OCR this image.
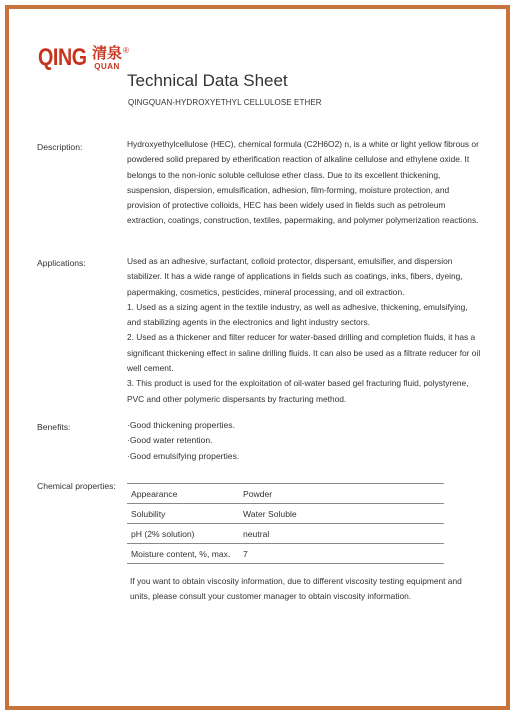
QING 清泉
QUAN
®
Technical Data Sheet
QINGQUAN-HYDROXYETHYL CELLULOSE ETHER
Description:	Hydroxyethylcellulose (HEC), chemical formula (C2H6O2) n, is a white or light yellow fibrous or powdered solid prepared by etherification reaction of alkaline cellulose and ethylene oxide. It belongs to the non-ionic soluble cellulose ether class. Due to its excellent thickening, suspension, dispersion, emulsification, adhesion, film-forming, moisture protection, and provision of protective colloids, HEC has been widely used in fields such as petroleum extraction, coatings, construction, textiles, papermaking, and polymer polymerization reactions.
Applications:	Used as an adhesive, surfactant, colloid protector, dispersant, emulsifier, and dispersion stabilizer. It has a wide range of applications in fields such as coatings, inks, fibers, dyeing, papermaking, cosmetics, pesticides, mineral processing, and oil extraction.

1. Used as a sizing agent in the textile industry, as well as adhesive, thickening, emulsifying, and stabilizing agents in the electronics and light industry sectors.

2. Used as a thickener and filter reducer for water-based drilling and completion fluids, it has a significant thickening effect in saline drilling fluids. It can also be used as a filtrate reducer for oil well cement.

3. This product is used for the exploitation of oil-water based gel fracturing fluid, polystyrene, PVC and other polymeric dispersants by fracturing method.

Benefits:	·Good thickening properties.

·Good water retention.

·Good emulsifying properties.

Chemical properties:
Appearance	Powder
Solubility	Water Soluble
pH (2% solution)	neutral
Moisture content, %, max.	7
If you want to obtain viscosity information, due to different viscosity testing equipment and units, please consult your customer manager to obtain viscosity information.
